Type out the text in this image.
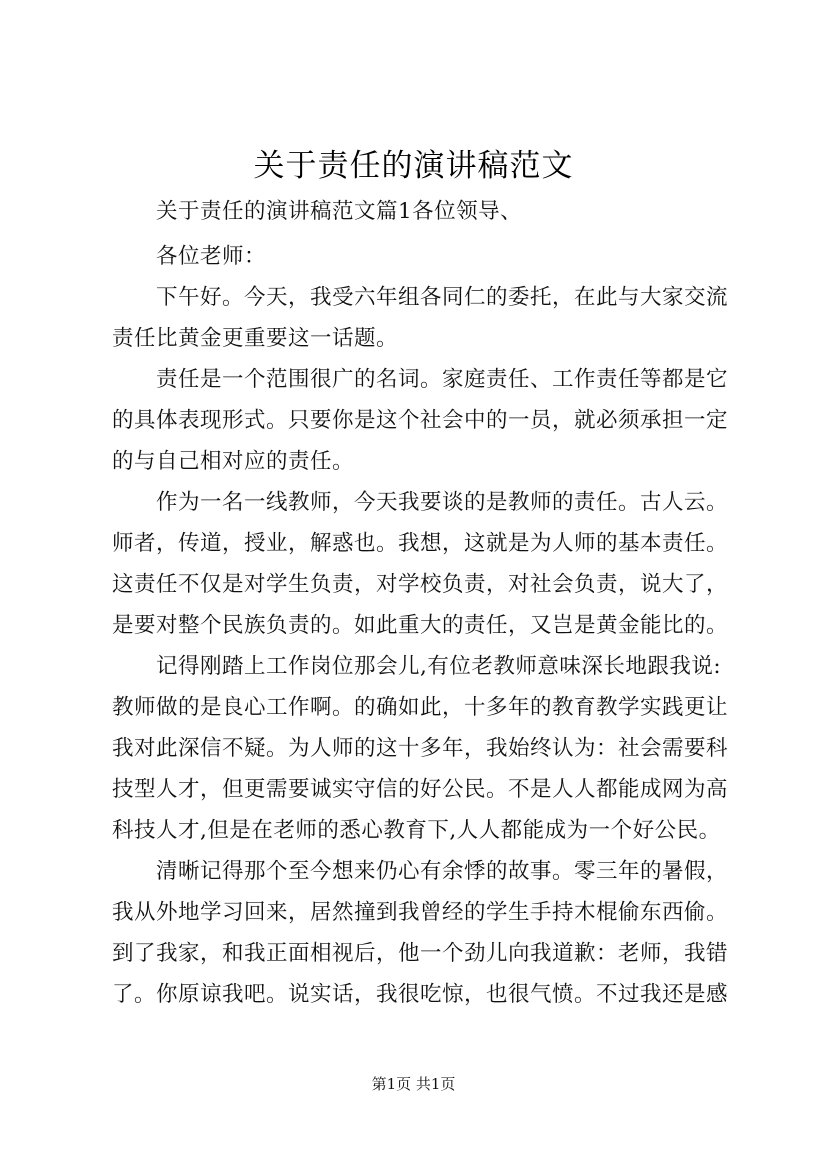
关于责任的演讲稿范文
关于责任的演讲稿范文篇1各位领导、
各位老师：
下午好。今天，我受六年组各同仁的委托，在此与大家交流
责任比黄金更重要这一话题。
责任是一个范围很广的名词。家庭责任、工作责任等都是它
的具体表现形式。只要你是这个社会中的一员，就必须承担一定
的与自己相对应的责任。
作为一名一线教师，今天我要谈的是教师的责任。古人云。
师者，传道，授业，解惑也。我想，这就是为人师的基本责任。
这责任不仅是对学生负责，对学校负责，对社会负责，说大了，
是要对整个民族负责的。如此重大的责任，又岂是黄金能比的。
记得刚踏上工作岗位那会儿,有位老教师意味深长地跟我说:
教师做的是良心工作啊。的确如此，十多年的教育教学实践更让
我对此深信不疑。为人师的这十多年，我始终认为：社会需要科
技型人才，但更需要诚实守信的好公民。不是人人都能成网为高
科技人才,但是在老师的悉心教育下,人人都能成为一个好公民。
清晰记得那个至今想来仍心有余悸的故事。零三年的暑假，
我从外地学习回来，居然撞到我曾经的学生手持木棍偷东西偷。
到了我家，和我正面相视后，他一个劲儿向我道歉：老师，我错
了。你原谅我吧。说实话，我很吃惊，也很气愤。不过我还是感
第1页 共1页
